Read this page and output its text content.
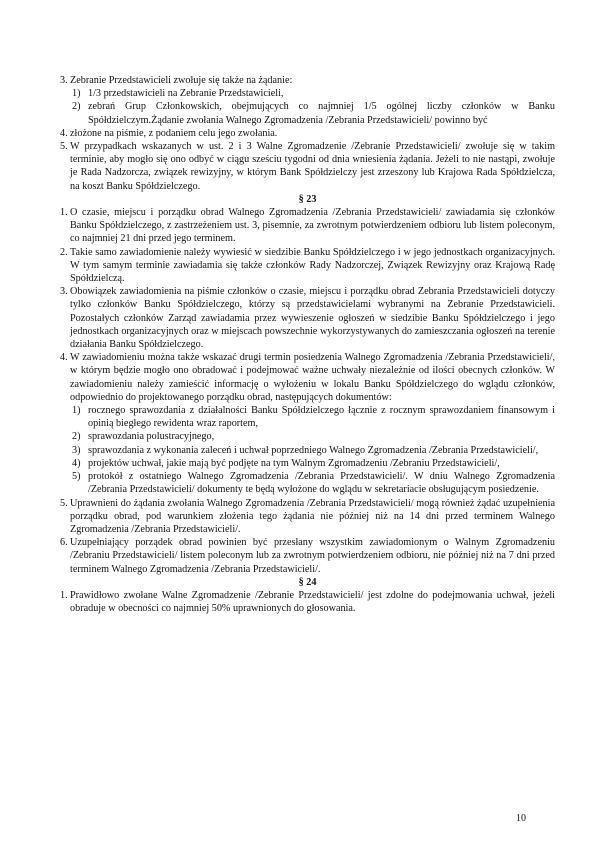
3. Zebranie Przedstawicieli zwołuje się także na żądanie:

1) 1/3 przedstawicieli na Zebranie Przedstawicieli,

2) zebrań Grup Członkowskich, obejmujących co najmniej 1/5 ogólnej liczby członków w Banku Spółdzielczym.Żądanie zwołania Walnego Zgromadzenia /Zebrania Przedstawicieli/ powinno być

4. złożone na piśmie, z podaniem celu jego zwołania.

5. W przypadkach wskazanych w ust. 2 i 3 Walne Zgromadzenie /Zebranie Przedstawicieli/ zwołuje się w takim terminie, aby mogło się ono odbyć w ciągu sześciu tygodni od dnia wniesienia żądania. Jeżeli to nie nastąpi, zwołuje je Rada Nadzorcza, związek rewizyjny, w którym Bank Spółdzielczy jest zrzeszony lub Krajowa Rada Spółdzielcza, na koszt Banku Spółdzielczego.

§ 23

1. O czasie, miejscu i porządku obrad Walnego Zgromadzenia /Zebrania Przedstawicieli/ zawiadamia się członków Banku Spółdzielczego, z zastrzeżeniem ust. 3, pisemnie, za zwrotnym potwierdzeniem odbioru lub listem poleconym, co najmniej 21 dni przed jego terminem.

2. Takie samo zawiadomienie należy wywiesić w siedzibie Banku Spółdzielczego i w jego jednostkach organizacyjnych. W tym samym terminie zawiadamia się także członków Rady Nadzorczej, Związek Rewizyjny oraz Krajową Radę Spółdzielczą.

3. Obowiązek zawiadomienia na piśmie członków o czasie, miejscu i porządku obrad Zebrania Przedstawicieli dotyczy tylko członków Banku Spółdzielczego, którzy są przedstawicielami wybranymi na Zebranie Przedstawicieli. Pozostałych członków Zarząd zawiadamia przez wywieszenie ogłoszeń w siedzibie Banku Spółdzielczego i jego jednostkach organizacyjnych oraz w miejscach powszechnie wykorzystywanych do zamieszczania ogłoszeń na terenie działania Banku Spółdzielczego.

4. W zawiadomieniu można także wskazać drugi termin posiedzenia Walnego Zgromadzenia /Zebrania Przedstawicieli/, w którym będzie mogło ono obradować i podejmować ważne uchwały niezależnie od ilości obecnych członków. W zawiadomieniu należy zamieścić informację o wyłożeniu w lokalu Banku Spółdzielczego do wglądu członków, odpowiednio do projektowanego porządku obrad, następujących dokumentów:

1) rocznego sprawozdania z działalności Banku Spółdzielczego łącznie z rocznym sprawozdaniem finansowym i opinią biegłego rewidenta wraz raportem,

2) sprawozdania polustracyjnego,

3) sprawozdania z wykonania zaleceń i uchwał poprzedniego Walnego Zgromadzenia /Zebrania Przedstawicieli/,

4) projektów uchwał, jakie mają być podjęte na tym Walnym Zgromadzeniu /Zebraniu Przedstawicieli/,

5) protokół z ostatniego Walnego Zgromadzenia /Zebrania Przedstawicieli/. W dniu Walnego Zgromadzenia /Zebrania Przedstawicieli/ dokumenty te będą wyłożone do wglądu w sekretariacie obsługującym posiedzenie.

5. Uprawnieni do żądania zwołania Walnego Zgromadzenia /Zebrania Przedstawicieli/ mogą również żądać uzupełnienia porządku obrad, pod warunkiem złożenia tego żądania nie później niż na 14 dni przed terminem Walnego Zgromadzenia /Zebrania Przedstawicieli/.

6. Uzupełniający porządek obrad powinien być przesłany wszystkim zawiadomionym o Walnym Zgromadzeniu /Zebraniu Przedstawicieli/ listem poleconym lub za zwrotnym potwierdzeniem odbioru, nie później niż na 7 dni przed terminem Walnego Zgromadzenia /Zebrania Przedstawicieli/.

§ 24

1. Prawidłowo zwołane Walne Zgromadzenie /Zebranie Przedstawicieli/ jest zdolne do podejmowania uchwał, jeżeli obraduje w obecności co najmniej 50% uprawnionych do głosowania.

10
